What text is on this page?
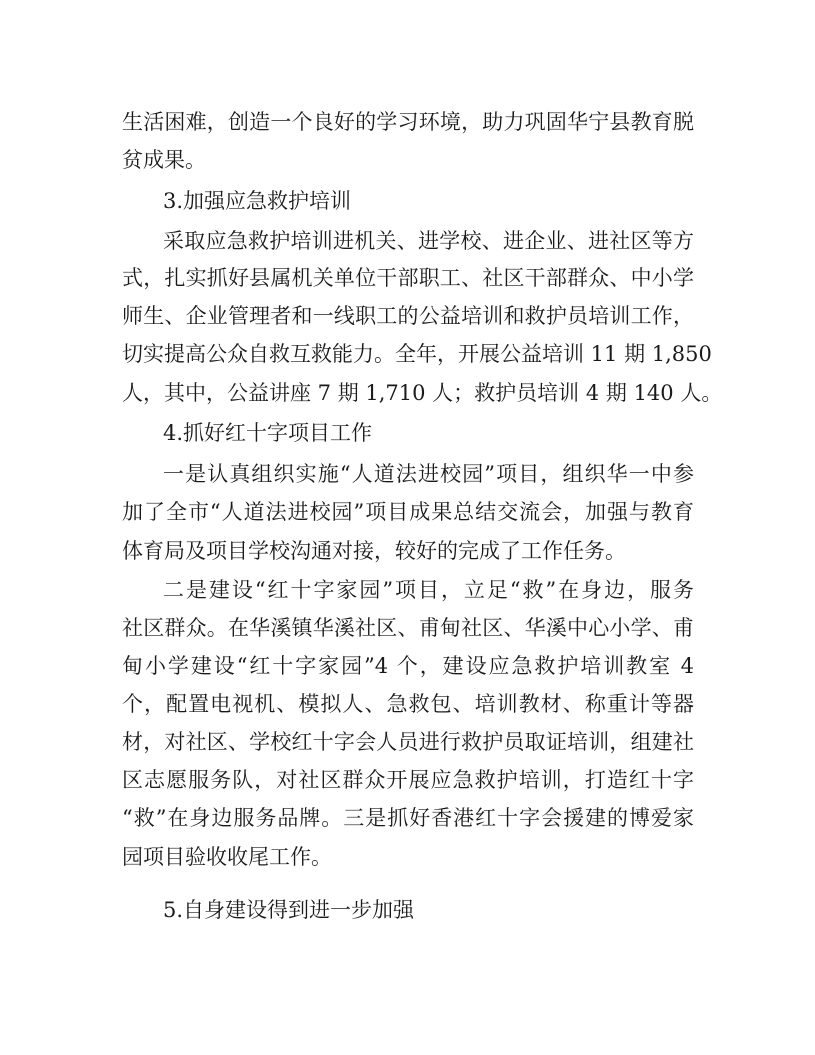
生活困难，创造一个良好的学习环境，助力巩固华宁县教育脱
贫成果。
3.加强应急救护培训
采取应急救护培训进机关、进学校、进企业、进社区等方
式，扎实抓好县属机关单位干部职工、社区干部群众、中小学
师生、企业管理者和一线职工的公益培训和救护员培训工作，
切实提高公众自救互救能力。全年，开展公益培训 11 期 1,850
人，其中，公益讲座 7 期 1,710 人；救护员培训 4 期 140 人。
4.抓好红十字项目工作
一是认真组织实施“人道法进校园”项目，组织华一中参
加了全市“人道法进校园”项目成果总结交流会，加强与教育
体育局及项目学校沟通对接，较好的完成了工作任务。
二是建设“红十字家园”项目，立足“救”在身边，服务
社区群众。在华溪镇华溪社区、甫甸社区、华溪中心小学、甫
甸小学建设“红十字家园”4 个，建设应急救护培训教室 4
个，配置电视机、模拟人、急救包、培训教材、称重计等器
材，对社区、学校红十字会人员进行救护员取证培训，组建社
区志愿服务队，对社区群众开展应急救护培训，打造红十字
“救”在身边服务品牌。三是抓好香港红十字会援建的博爱家
园项目验收收尾工作。
5.自身建设得到进一步加强
